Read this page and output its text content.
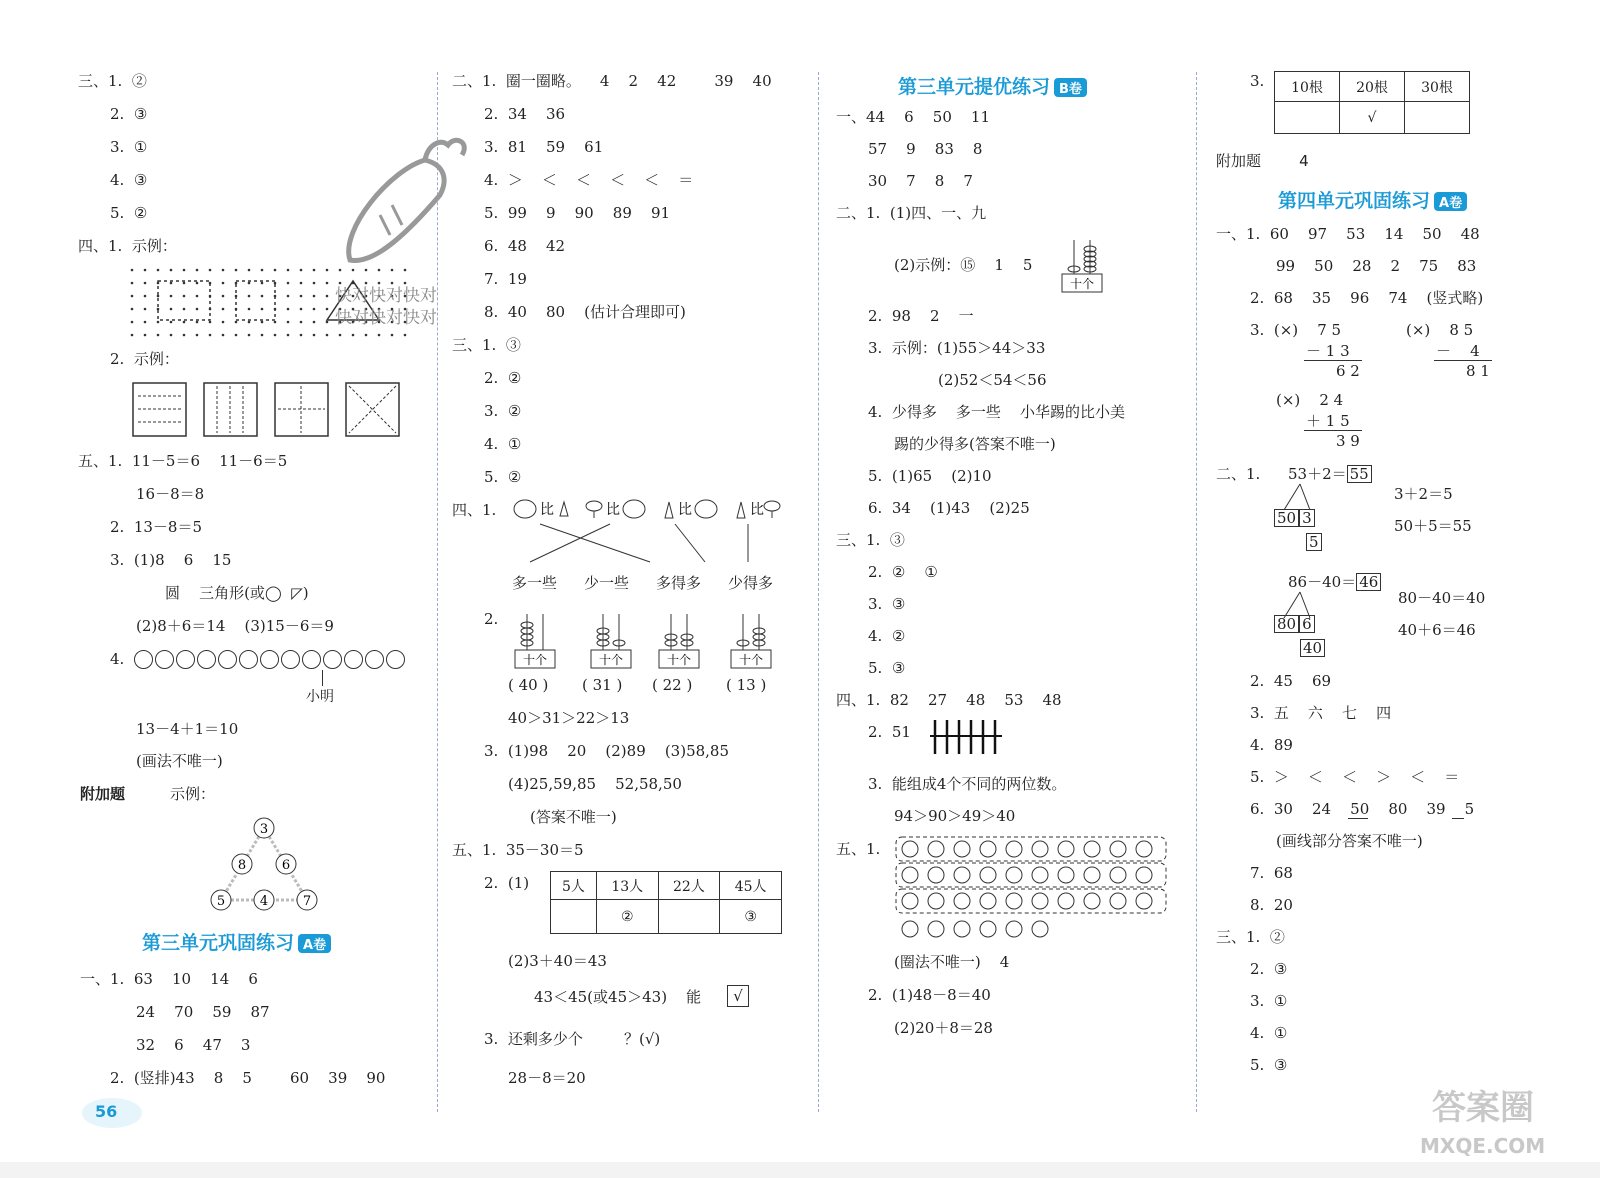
三、1.  ②
2.  ③
3.  ①
4.  ③
5.  ②
四、1.  示例：
快对快对快对
快对快对快对
2.  示例：
五、1.  11－5＝6    11－6＝5
16－8＝8
2.  13－8＝5
3.  (1)8    6    15
圆    三角形(或◯  ◸)
(2)8＋6＝14    (3)15－6＝9
4.
小明
13－4＋1＝10
(画法不唯一)
附加题	示例：
3
8	6
5	4	7
第三单元巩固练习 A卷
一、1.  63    10    14    6
24    70    59    87
32    6    47    3
2.  (竖排)43    8    5        60    39    90
56
二、1.  圈一圈略。    4    2    42        39    40
2.  34    36
3.  81    59    61
4.  ＞    ＜    ＜    ＜    ＜    ＝
5.  99    9    90    89    91
6.  48    42
7.  19
8.  40    80    (估计合理即可)
三、1.  ③
2.  ②
3.  ②
4.  ①
5.  ②
四、1.	比	比	比	比
多一些 少一些 多得多 少得多
2.
十个	十个	十个	十个
( 40 ) ( 31 ) ( 22 ) ( 13 )
40＞31＞22＞13
3.  (1)98    20    (2)89    (3)58,85
(4)25,59,85    52,58,50
(答案不唯一)
五、1.  35－30＝5
2.  (1) 5人	13人	22人	45人
	②		③
(2)3＋40＝43
43＜45(或45＞43)    能	√
3.  还剩多少个	？(√)
28－8＝20
第三单元提优练习 B卷
一、44    6    50    11
57    9    83    8
30    7    8    7
二、1.  (1)四、一、九
(2)示例：⑮    1    5
十个
2.  98    2    一
3.  示例：(1)55＞44＞33
(2)52＜54＜56
4.  少得多    多一些    小华踢的比小美
踢的少得多(答案不唯一)
5.  (1)65    (2)10
6.  34    (1)43    (2)25
三、1.  ③
2.  ②    ①
3.  ③
4.  ②
5.  ③
四、1.  82    27    48    53    48
2.  51
3.  能组成4个不同的两位数。
94＞90＞49＞40
五、1.
(圈法不唯一)    4
2.  (1)48－8＝40
(2)20＋8＝28
3. 10根	20根	30根
	√	
附加题        4
第四单元巩固练习 A卷
一、1.  60    97    53    14    50    48
99    50    28    2    75    83
2.  68    35    96    74    (竖式略)
3.  (×)    7 5	(×)    8 5
－ 1 3
6 2
－    4
8 1
(×)    2 4
＋ 1 5
3 9
二、1. 53＋2＝ 55
50 3
5
3＋2＝5
50＋5＝55
86－40＝ 46
80 6
40
80－40＝40
40＋6＝46
2.  45    69
3.  五    六    七    四
4.  89
5.  ＞    ＜    ＜    ＞    ＜    ＝
6.  30    24    50    80    39    5
(画线部分答案不唯一)
7.  68
8.  20
三、1.  ②
2.  ③
3.  ①
4.  ①
5.  ③
答案圈
MXQE.COM
